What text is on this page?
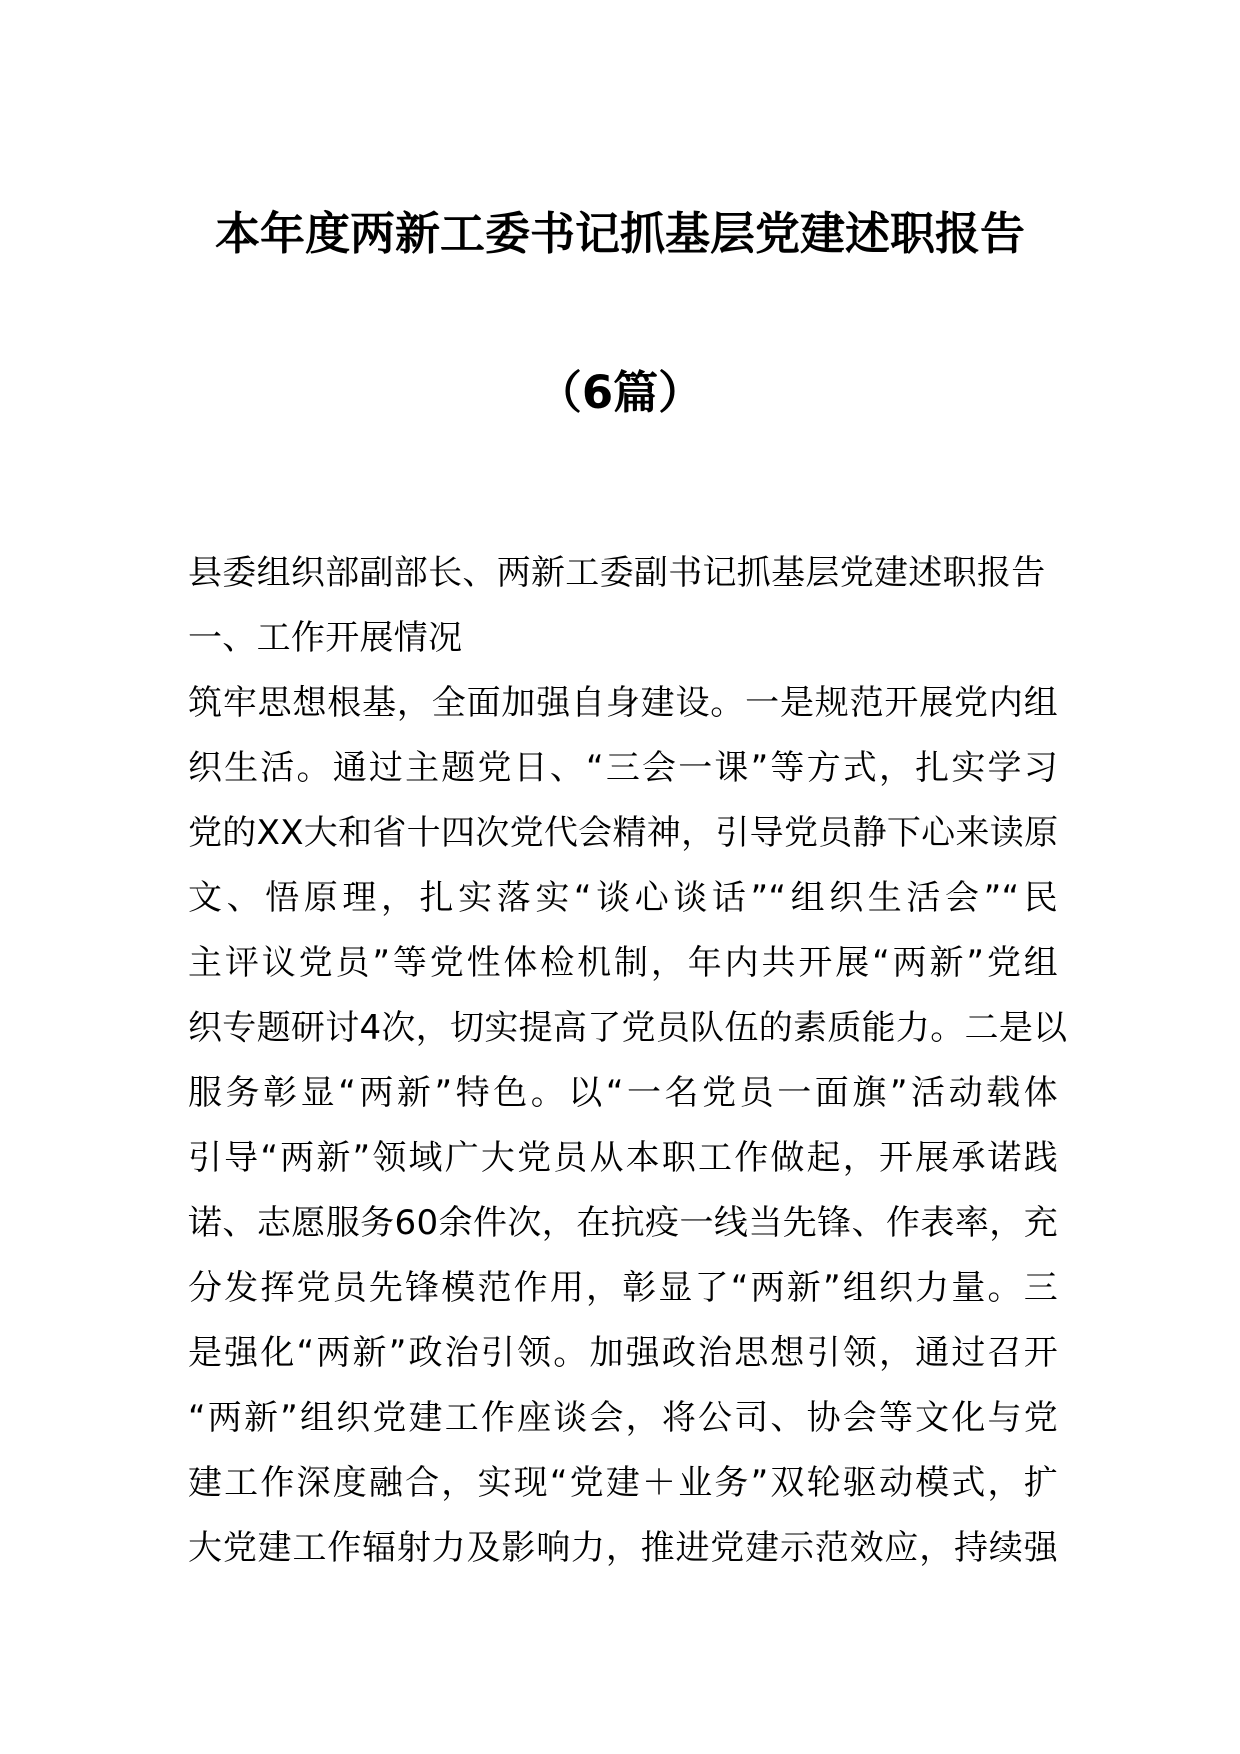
本年度两新工委书记抓基层党建述职报告
（6篇）
县委组织部副部长、两新工委副书记抓基层党建述职报告
一、工作开展情况
筑牢思想根基，全面加强自身建设。一是规范开展党内组
织生活。通过主题党日、“三会一课”等方式，扎实学习
党的XX大和省十四次党代会精神，引导党员静下心来读原
文、悟原理，扎实落实“谈心谈话”“组织生活会”“民
主评议党员”等党性体检机制，年内共开展“两新”党组
织专题研讨4次，切实提高了党员队伍的素质能力。二是以
服务彰显“两新”特色。以“一名党员一面旗”活动载体
引导“两新”领域广大党员从本职工作做起，开展承诺践
诺、志愿服务60余件次，在抗疫一线当先锋、作表率，充
分发挥党员先锋模范作用，彰显了“两新”组织力量。三
是强化“两新”政治引领。加强政治思想引领，通过召开
“两新”组织党建工作座谈会，将公司、协会等文化与党
建工作深度融合，实现“党建＋业务”双轮驱动模式，扩
大党建工作辐射力及影响力，推进党建示范效应，持续强
